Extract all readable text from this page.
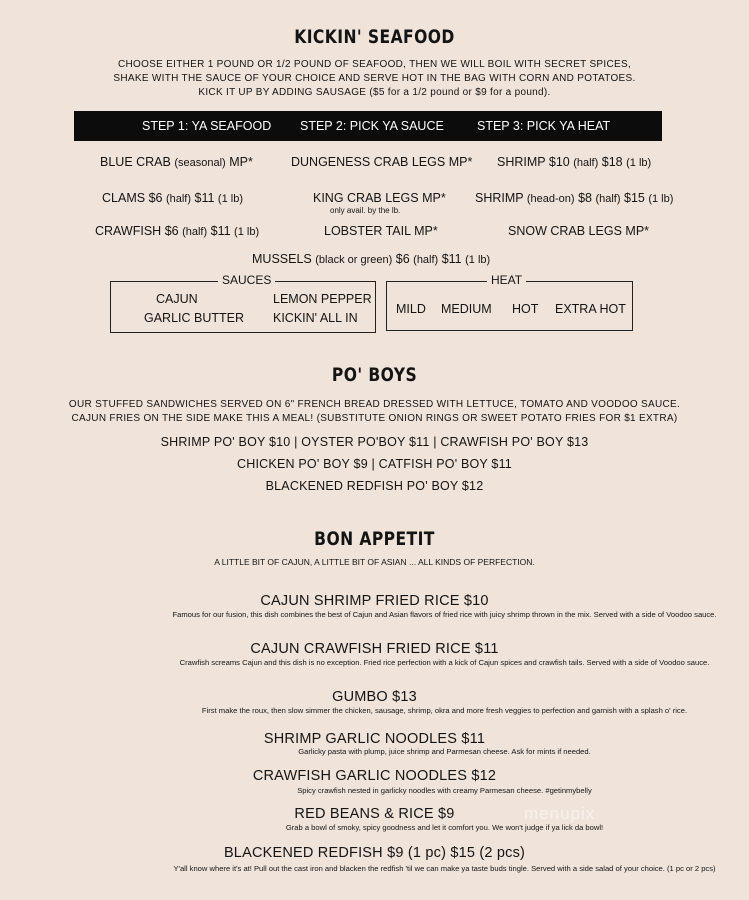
KICKIN' SEAFOOD
CHOOSE EITHER 1 POUND OR 1/2 POUND OF SEAFOOD, THEN WE WILL BOIL WITH SECRET SPICES,
SHAKE WITH THE SAUCE OF YOUR CHOICE AND SERVE HOT IN THE BAG WITH CORN AND POTATOES.
KICK IT UP BY ADDING SAUSAGE ($5 for a 1/2 pound or $9 for a pound).
STEP 1: YA SEAFOOD STEP 2: PICK YA SAUCE	STEP 3: PICK YA HEAT
BLUE CRAB (seasonal) MP*	DUNGENESS CRAB LEGS MP* SHRIMP $10 (half) $18 (1 lb)
CLAMS $6 (half) $11 (1 lb)	KING CRAB LEGS MP*
only avail. by the lb.
SHRIMP (head-on) $8 (half) $15 (1 lb)
CRAWFISH $6 (half) $11 (1 lb)	LOBSTER TAIL MP*	SNOW CRAB LEGS MP*
MUSSELS (black or green) $6 (half) $11 (1 lb)
SAUCES
CAJUN	LEMON PEPPER
GARLIC BUTTER KICKIN' ALL IN
HEAT
MILD MEDIUM HOT EXTRA HOT
PO' BOYS
OUR STUFFED SANDWICHES SERVED ON 6" FRENCH BREAD DRESSED WITH LETTUCE, TOMATO AND VOODOO SAUCE.
CAJUN FRIES ON THE SIDE MAKE THIS A MEAL! (SUBSTITUTE ONION RINGS OR SWEET POTATO FRIES FOR $1 EXTRA)
SHRIMP PO' BOY $10 | OYSTER PO'BOY $11 | CRAWFISH PO' BOY $13
CHICKEN PO' BOY $9 | CATFISH PO' BOY $11
BLACKENED REDFISH PO' BOY $12
BON APPETIT
A LITTLE BIT OF CAJUN, A LITTLE BIT OF ASIAN ... ALL KINDS OF PERFECTION.
CAJUN SHRIMP FRIED RICE $10
Famous for our fusion, this dish combines the best of Cajun and Asian flavors of fried rice with juicy shrimp thrown in the mix. Served with a side of Voodoo sauce.
CAJUN CRAWFISH FRIED RICE $11
Crawfish screams Cajun and this dish is no exception. Fried rice perfection with a kick of Cajun spices and crawfish tails. Served with a side of Voodoo sauce.
GUMBO $13
First make the roux, then slow simmer the chicken, sausage, shrimp, okra and more fresh veggies to perfection and garnish with a splash o' rice.
SHRIMP GARLIC NOODLES $11
Garlicky pasta with plump, juice shrimp and Parmesan cheese. Ask for mints if needed.
CRAWFISH GARLIC NOODLES $12
Spicy crawfish nested in garlicky noodles with creamy Parmesan cheese. #getinmybelly
RED BEANS & RICE $9
Grab a bowl of smoky, spicy goodness and let it comfort you. We won't judge if ya lick da bowl!
BLACKENED REDFISH $9 (1 pc) $15 (2 pcs)
Y'all know where it's at! Pull out the cast iron and blacken the redfish 'til we can make ya taste buds tingle. Served with a side salad of your choice. (1 pc or 2 pcs)
menupix
